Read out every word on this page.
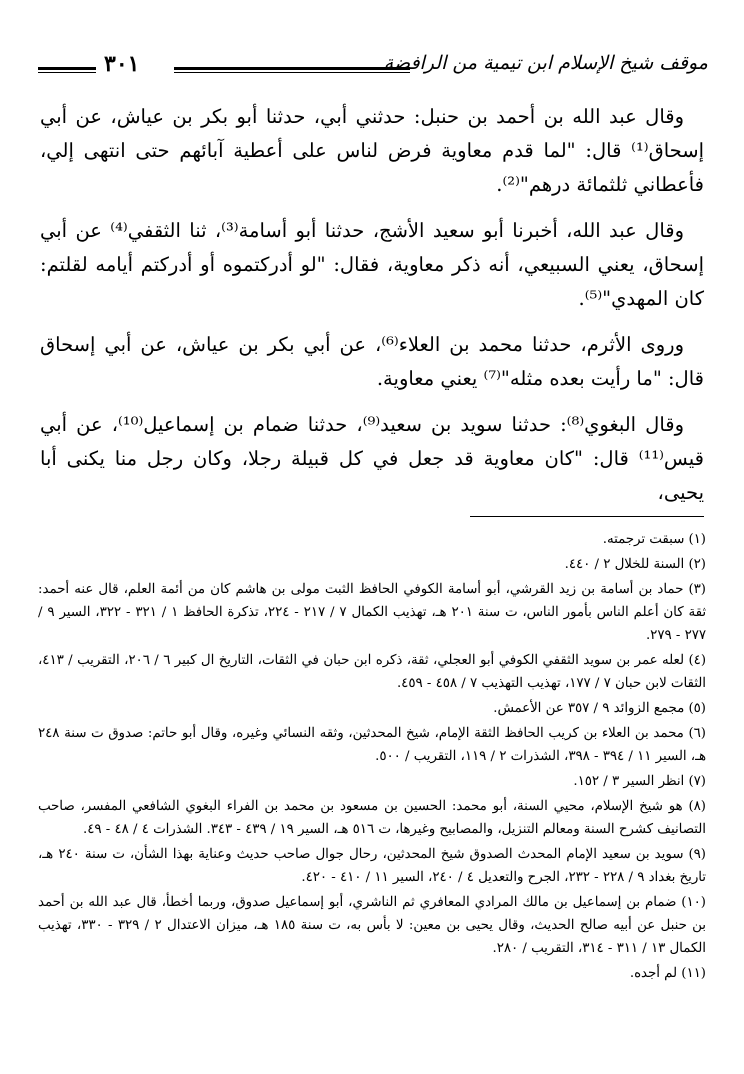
موقف شيخ الإسلام ابن تيمية من الرافضة
٣٠١

وقال عبد الله بن أحمد بن حنبل: حدثني أبي، حدثنا أبو بكر بن عياش، عن أبي إسحاق⁽¹⁾ قال: "لما قدم معاوية فرض لناس على أعطية آبائهم حتى انتهى إلي، فأعطاني ثلثمائة درهم"⁽²⁾.

وقال عبد الله، أخبرنا أبو سعيد الأشج، حدثنا أبو أسامة⁽³⁾، ثنا الثقفي⁽⁴⁾ عن أبي إسحاق، يعني السبيعي، أنه ذكر معاوية، فقال: "لو أدركتموه أو أدركتم أيامه لقلتم: كان المهدي"⁽⁵⁾.

وروى الأثرم، حدثنا محمد بن العلاء⁽⁶⁾، عن أبي بكر بن عياش، عن أبي إسحاق قال: "ما رأيت بعده مثله"⁽⁷⁾ يعني معاوية.

وقال البغوي⁽⁸⁾: حدثنا سويد بن سعيد⁽⁹⁾، حدثنا ضمام بن إسماعيل⁽¹⁰⁾، عن أبي قيس⁽¹¹⁾ قال: "كان معاوية قد جعل في كل قبيلة رجلا، وكان رجل منا يكنى أبا يحيى،

(١) سبقت ترجمته.

(٢) السنة للخلال ٢ / ٤٤٠.

(٣) حماد بن أسامة بن زيد القرشي، أبو أسامة الكوفي الحافظ الثبت مولى بن هاشم كان من أئمة العلم، قال عنه أحمد: ثقة كان أعلم الناس بأمور الناس، ت سنة ٢٠١ هـ، تهذيب الكمال ٧ / ٢١٧ - ٢٢٤، تذكرة الحافظ ١ / ٣٢١ - ٣٢٢، السير ٩ / ٢٧٧ - ٢٧٩.

(٤) لعله عمر بن سويد الثقفي الكوفي أبو العجلي، ثقة، ذكره ابن حبان في الثقات، التاريخ ال كبير ٦ / ٢٠٦، التقريب / ٤١٣، الثقات لابن حبان ٧ / ١٧٧، تهذيب التهذيب ٧ / ٤٥٨ - ٤٥٩.

(٥) مجمع الزوائد ٩ / ٣٥٧ عن الأعمش.

(٦) محمد بن العلاء بن كريب الحافظ الثقة الإمام، شيخ المحدثين، وثقه النسائي وغيره، وقال أبو حاتم: صدوق ت سنة ٢٤٨ هـ، السير ١١ / ٣٩٤ - ٣٩٨، الشذرات ٢ / ١١٩، التقريب / ٥٠٠.

(٧) انظر السير ٣ / ١٥٢.

(٨) هو شيخ الإسلام، محيي السنة، أبو محمد: الحسين بن مسعود بن محمد بن الفراء البغوي الشافعي المفسر، صاحب التصانيف كشرح السنة ومعالم التنزيل، والمصابيح وغيرها، ت ٥١٦ هـ، السير ١٩ / ٤٣٩ - ٣٤٣. الشذرات ٤ / ٤٨ - ٤٩.

(٩) سويد بن سعيد الإمام المحدث الصدوق شيخ المحدثين، رحال جوال صاحب حديث وعناية بهذا الشأن، ت سنة ٢٤٠ هـ، تاريخ بغداد ٩ / ٢٢٨ - ٢٣٢، الجرح والتعديل ٤ / ٢٤٠، السير ١١ / ٤١٠ - ٤٢٠.

(١٠) ضمام بن إسماعيل بن مالك المرادي المعافري ثم الناشري، أبو إسماعيل صدوق، وربما أخطأ، قال عبد الله بن أحمد بن حنبل عن أبيه صالح الحديث، وقال يحيى بن معين: لا بأس به، ت سنة ١٨٥ هـ، ميزان الاعتدال ٢ / ٣٢٩ - ٣٣٠، تهذيب الكمال ١٣ / ٣١١ - ٣١٤، التقريب / ٢٨٠.

(١١) لم أجده.
